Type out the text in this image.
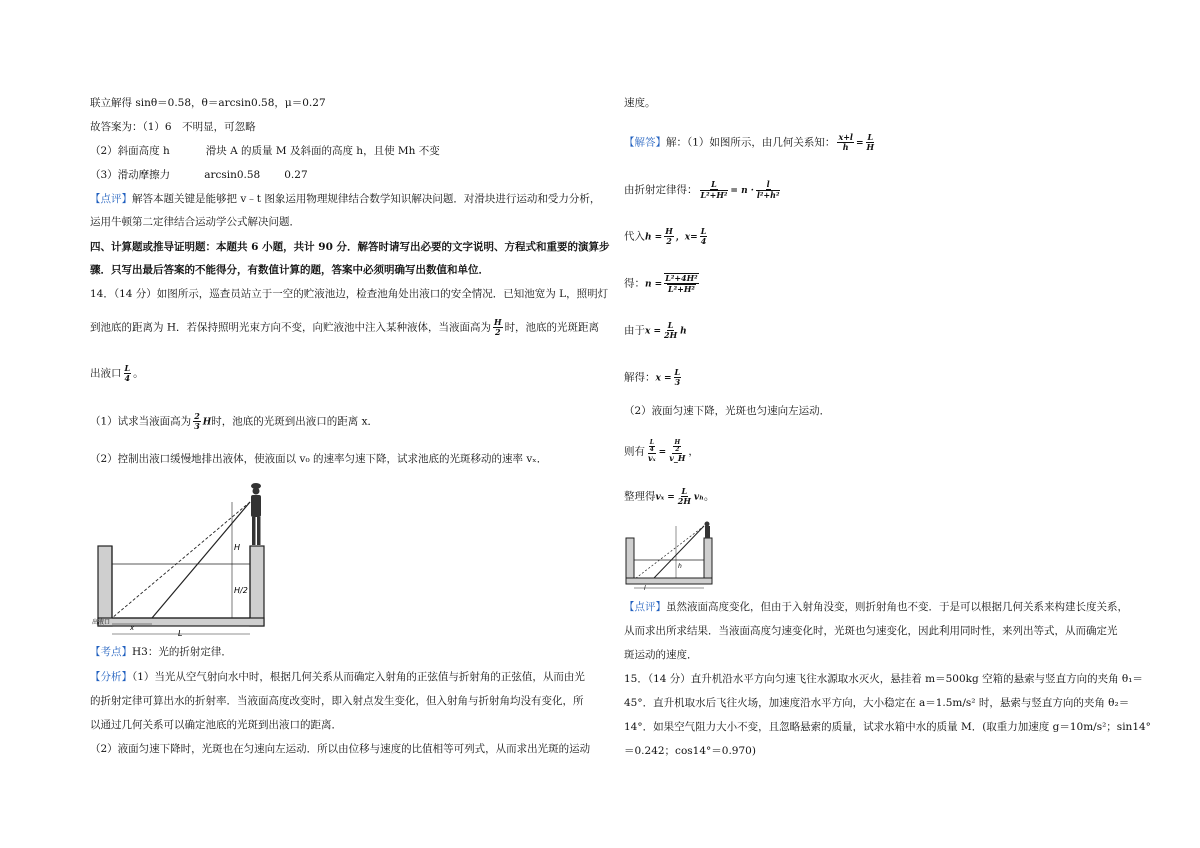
联立解得 sinθ＝0.58，θ＝arcsin0.58，μ＝0.27
故答案为：（1）6　不明显，可忽略
（2）斜面高度 h	滑块 A 的质量 M 及斜面的高度 h，且使 Mh 不变
（3）滑动摩擦力	arcsin0.58 0.27
【点评】解答本题关键是能够把 v﹣t 图象运用物理规律结合数学知识解决问题．对滑块进行运动和受力分析，
运用牛顿第二定律结合运动学公式解决问题．
四、计算题或推导证明题：本题共 6 小题，共计 90 分．解答时请写出必要的文字说明、方程式和重要的演算步
骤．只写出最后答案的不能得分，有数值计算的题，答案中必须明确写出数值和单位．
14．（14 分）如图所示，巡查员站立于一空的贮液池边，检查池角处出液口的安全情况．已知池宽为 L，照明灯
到池底的距离为 H．若保持照明光束方向不变，向贮液池中注入某种液体，当液面高为 $\frac{H}{2}$ 时，池底的光斑距离
出液口 $\frac{L}{4}$ 。
（1）试求当液面高为 $\frac{2}{3}$ H时，池底的光斑到出液口的距离 x．
（2）控制出液口缓慢地排出液体，使液面以 v₀ 的速率匀速下降，试求池底的光斑移动的速率 vₓ．
H
H/2
L
x
出液口
【考点】H3：光的折射定律．
【分析】（1）当光从空气射向水中时，根据几何关系从而确定入射角的正弦值与折射角的正弦值，从而由光
的折射定律可算出水的折射率．当液面高度改变时，即入射点发生变化，但入射角与折射角均没有变化，所
以通过几何关系可以确定池底的光斑到出液口的距离．
（2）液面匀速下降时，光斑也在匀速向左运动．所以由位移与速度的比值相等可列式，从而求出光斑的运动
速度。
【解答】解：（1）如图所示，由几何关系知： $\frac{x+l}{h} = \frac{L}{H}$
由折射定律得： $\frac{L}{\text{L²+H²}} = n \cdot \frac{l}{\text{l²+h²}}$
代入$h = \frac{H}{2}$ ，$x= \frac{L}{4}$
得：$n = \frac{\text{L²+4H²}}{\text{L²+H²}}$
由于$x = \frac{L}{2H}$ h
解得：$x = \frac{L}{3}$
（2）液面匀速下降，光斑也匀速向左运动．
则有 $\frac{\frac{L}{4}}{\text{vₓ}} = \frac{\frac{H}{2}}{v\_H}$ ，
整理得$v_x = \frac{L}{2H}$ vₕ。
h
l
【点评】虽然液面高度变化，但由于入射角没变，则折射角也不变．于是可以根据几何关系来构建长度关系，
从而求出所求结果．当液面高度匀速变化时，光斑也匀速变化，因此利用同时性，来列出等式，从而确定光
斑运动的速度．
15．（14 分）直升机沿水平方向匀速飞往水源取水灭火，悬挂着 m＝500kg 空箱的悬索与竖直方向的夹角 θ₁＝
45°．直升机取水后飞往火场，加速度沿水平方向，大小稳定在 a＝1.5m/s² 时，悬索与竖直方向的夹角 θ₂＝
14°．如果空气阻力大小不变，且忽略悬索的质量，试求水箱中水的质量 M．(取重力加速度 g＝10m/s²；sin14°
＝0.242；cos14°＝0.970)
